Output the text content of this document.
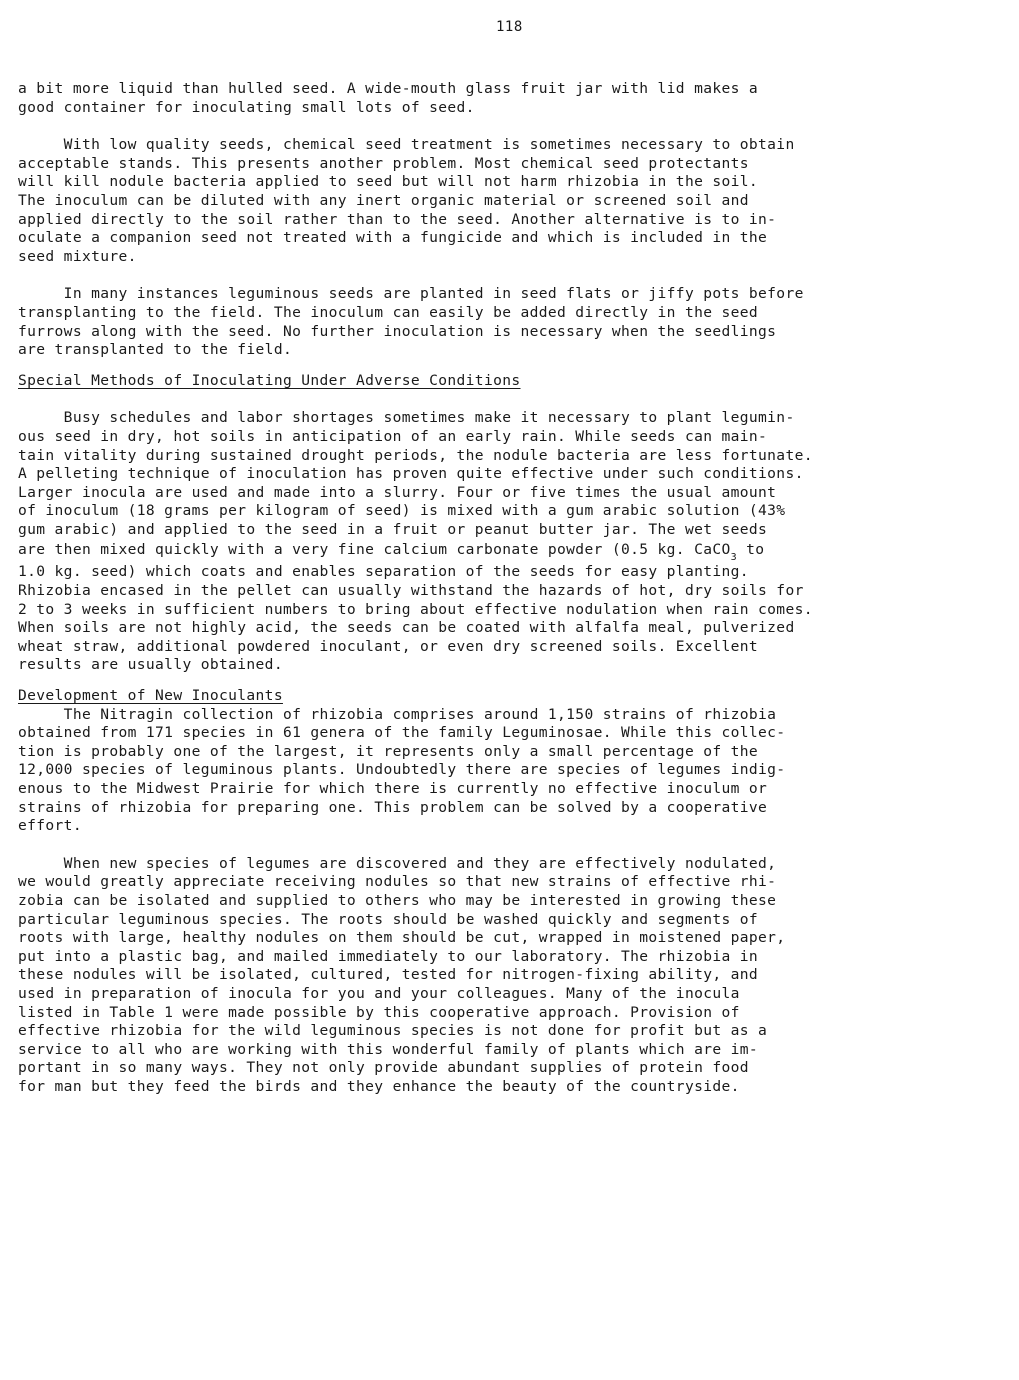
118

a bit more liquid than hulled seed. A wide-mouth glass fruit jar with lid makes a

good container for inoculating small lots of seed.

With low quality seeds, chemical seed treatment is sometimes necessary to obtain

acceptable stands. This presents another problem. Most chemical seed protectants

will kill nodule bacteria applied to seed but will not harm rhizobia in the soil.

The inoculum can be diluted with any inert organic material or screened soil and

applied directly to the soil rather than to the seed. Another alternative is to in-

oculate a companion seed not treated with a fungicide and which is included in the

seed mixture.

In many instances leguminous seeds are planted in seed flats or jiffy pots before

transplanting to the field. The inoculum can easily be added directly in the seed

furrows along with the seed. No further inoculation is necessary when the seedlings

are transplanted to the field.

Special Methods of Inoculating Under Adverse Conditions

Busy schedules and labor shortages sometimes make it necessary to plant legumin-

ous seed in dry, hot soils in anticipation of an early rain. While seeds can main-

tain vitality during sustained drought periods, the nodule bacteria are less fortunate.

A pelleting technique of inoculation has proven quite effective under such conditions.

Larger inocula are used and made into a slurry. Four or five times the usual amount

of inoculum (18 grams per kilogram of seed) is mixed with a gum arabic solution (43%

gum arabic) and applied to the seed in a fruit or peanut butter jar. The wet seeds

are then mixed quickly with a very fine calcium carbonate powder (0.5 kg. CaCO$_3$ to

1.0 kg. seed) which coats and enables separation of the seeds for easy planting.

Rhizobia encased in the pellet can usually withstand the hazards of hot, dry soils for

2 to 3 weeks in sufficient numbers to bring about effective nodulation when rain comes.

When soils are not highly acid, the seeds can be coated with alfalfa meal, pulverized

wheat straw, additional powdered inoculant, or even dry screened soils. Excellent

results are usually obtained.

Development of New Inoculants

The Nitragin collection of rhizobia comprises around 1,150 strains of rhizobia

obtained from 171 species in 61 genera of the family Leguminosae. While this collec-

tion is probably one of the largest, it represents only a small percentage of the

12,000 species of leguminous plants. Undoubtedly there are species of legumes indig-

enous to the Midwest Prairie for which there is currently no effective inoculum or

strains of rhizobia for preparing one. This problem can be solved by a cooperative

effort.

When new species of legumes are discovered and they are effectively nodulated,

we would greatly appreciate receiving nodules so that new strains of effective rhi-

zobia can be isolated and supplied to others who may be interested in growing these

particular leguminous species. The roots should be washed quickly and segments of

roots with large, healthy nodules on them should be cut, wrapped in moistened paper,

put into a plastic bag, and mailed immediately to our laboratory. The rhizobia in

these nodules will be isolated, cultured, tested for nitrogen-fixing ability, and

used in preparation of inocula for you and your colleagues. Many of the inocula

listed in Table 1 were made possible by this cooperative approach. Provision of

effective rhizobia for the wild leguminous species is not done for profit but as a

service to all who are working with this wonderful family of plants which are im-

portant in so many ways. They not only provide abundant supplies of protein food

for man but they feed the birds and they enhance the beauty of the countryside.
